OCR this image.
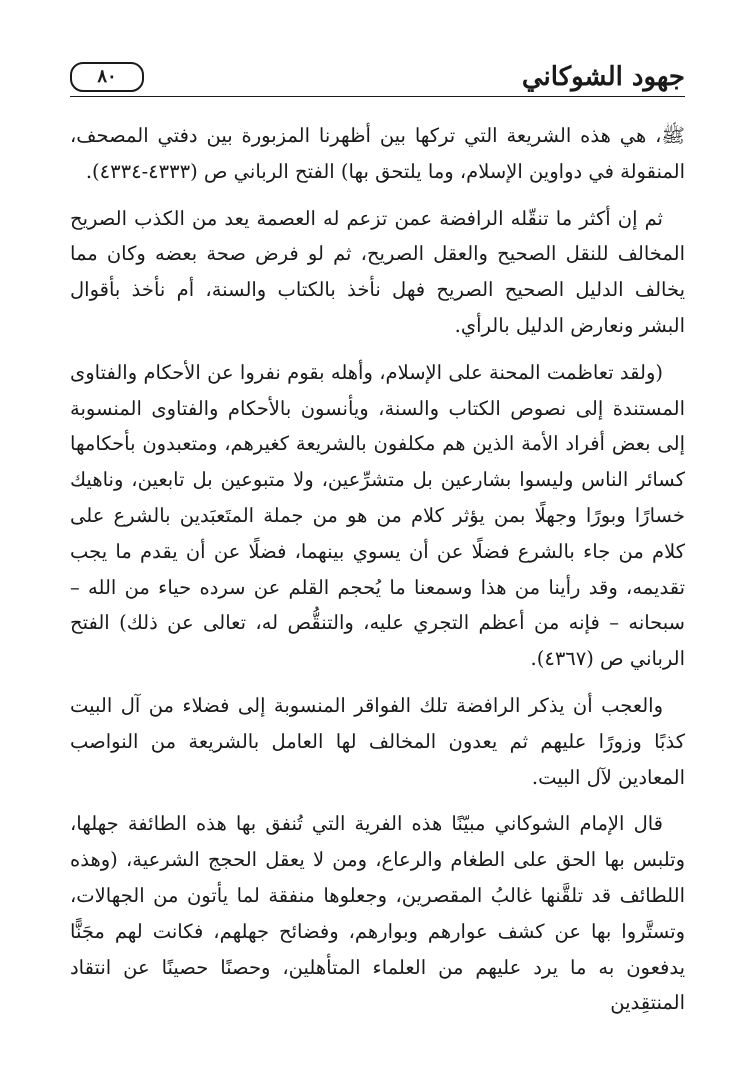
جهود الشوكاني
٨٠

ﷺ، هي هذه الشريعة التي تركها بين أظهرنا المزبورة بين دفتي المصحف، المنقولة في دواوين الإسلام، وما يلتحق بها) الفتح الرباني ص (٤٣٣٣-٤٣٣٤).

ثم إن أكثر ما تنقّله الرافضة عمن تزعم له العصمة يعد من الكذب الصريح المخالف للنقل الصحيح والعقل الصريح، ثم لو فرض صحة بعضه وكان مما يخالف الدليل الصحيح الصريح فهل نأخذ بالكتاب والسنة، أم نأخذ بأقوال البشر ونعارض الدليل بالرأي.

(ولقد تعاظمت المحنة على الإسلام، وأهله بقوم نفروا عن الأحكام والفتاوى المستندة إلى نصوص الكتاب والسنة، ويأنسون بالأحكام والفتاوى المنسوبة إلى بعض أفراد الأمة الذين هم مكلفون بالشريعة كغيرهم، ومتعبدون بأحكامها كسائر الناس وليسوا بشارعين بل متشرِّعين، ولا متبوعين بل تابعين، وناهيك خسارًا وبورًا وجهلًا بمن يؤثر كلام من هو من جملة المتَعبَدين بالشرع على كلام من جاء بالشرع فضلًا عن أن يسوي بينهما، فضلًا عن أن يقدم ما يجب تقديمه، وقد رأينا من هذا وسمعنا ما يُحجم القلم عن سرده حياء من الله – سبحانه – فإنه من أعظم التجري عليه، والتنقُّص له، تعالى عن ذلك) الفتح الرباني ص (٤٣٦٧).

والعجب أن يذكر الرافضة تلك الفواقر المنسوبة إلى فضلاء من آل البيت كذبًا وزورًا عليهم ثم يعدون المخالف لها العامل بالشريعة من النواصب المعادين لآل البيت.

قال الإمام الشوكاني مبيّنًا هذه الفرية التي تُنفق بها هذه الطائفة جهلها، وتلبس بها الحق على الطغام والرعاع، ومن لا يعقل الحجج الشرعية، (وهذه اللطائف قد تلقَّنها غالبُ المقصرين، وجعلوها منفقة لما يأتون من الجهالات، وتستَّروا بها عن كشف عوارهم وبوارهم، وفضائح جهلهم، فكانت لهم مجَنًّا يدفعون به ما يرد عليهم من العلماء المتأهلين، وحصنًا حصينًا عن انتقاد المنتقِدين
